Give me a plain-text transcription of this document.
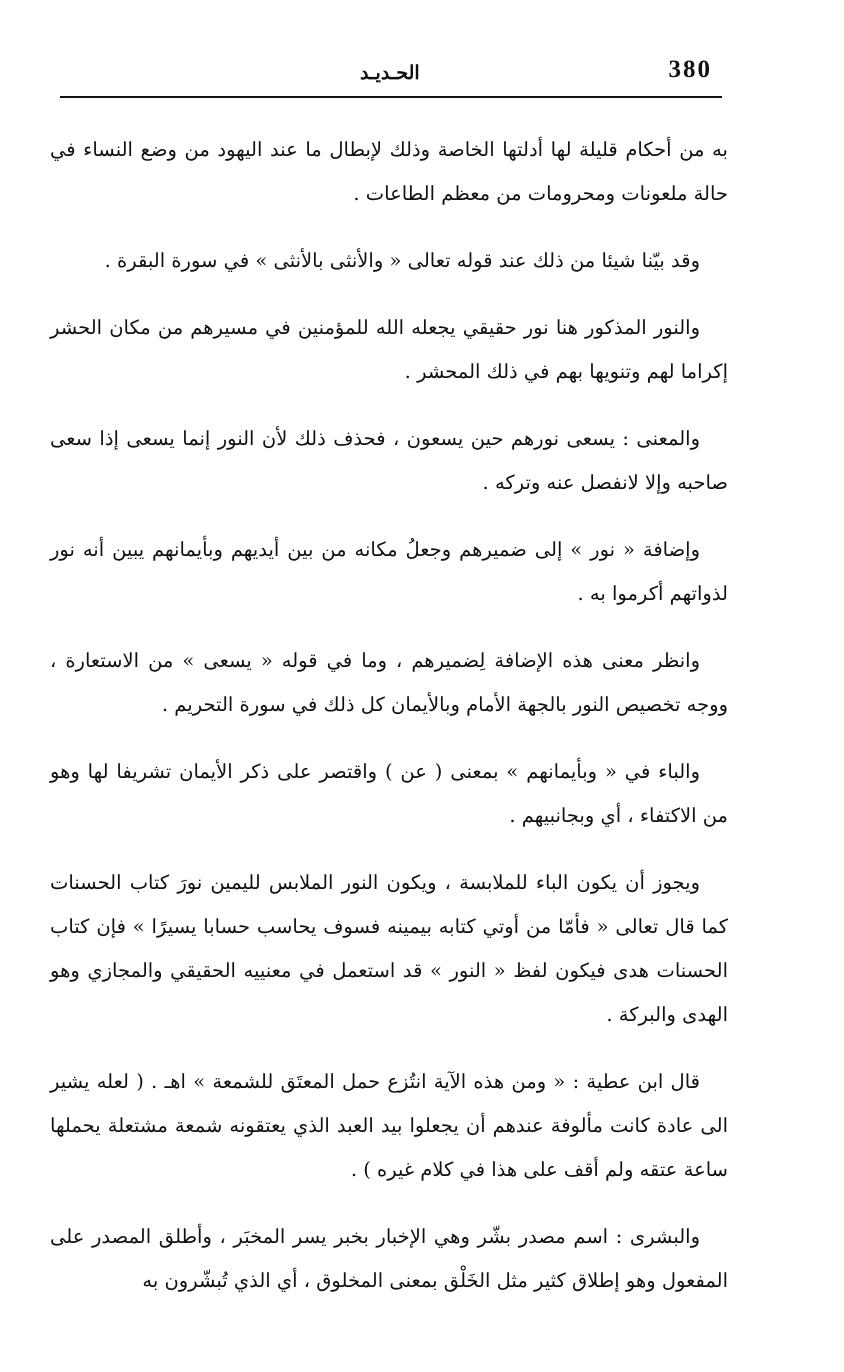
380
الحـديـد

به من أحكام قليلة لها أدلتها الخاصة وذلك لإبطال ما عند اليهود من وضع النساء في حالة ملعونات ومحرومات من معظم الطاعات .

وقد بيّنا شيئا من ذلك عند قوله تعالى « والأنثى بالأنثى » في سورة البقرة .

والنور المذكور هنا نور حقيقي يجعله الله للمؤمنين في مسيرهم من مكان الحشر إكراما لهم وتنويها بهم في ذلك المحشر .

والمعنى : يسعى نورهم حين يسعون ، فحذف ذلك لأن النور إنما يسعى إذا سعى صاحبه وإلا لانفصل عنه وتركه .

وإضافة « نور » إلى ضميرهم وجعلُ مكانه من بين أيديهم وبأيمانهم يبين أنه نور لذواتهم أكرموا به .

وانظر معنى هذه الإضافة لِضميرهم ، وما في قوله « يسعى » من الاستعارة ، ووجه تخصيص النور بالجهة الأمام وبالأيمان كل ذلك في سورة التحريم .

والباء في « وبأيمانهم » بمعنى ( عن ) واقتصر على ذكر الأيمان تشريفا لها وهو من الاكتفاء ، أي وبجانبيهم .

ويجوز أن يكون الباء للملابسة ، ويكون النور الملابس لليمين نورَ كتاب الحسنات كما قال تعالى « فأمّا من أوتي كتابه بيمينه فسوف يحاسب حسابا يسيرًا » فإن كتاب الحسنات هدى فيكون لفظ « النور » قد استعمل في معنييه الحقيقي والمجازي وهو الهدى والبركة .

قال ابن عطية : « ومن هذه الآية انتُزع حمل المعتَق للشمعة » اهـ . ( لعله يشير الى عادة كانت مألوفة عندهم أن يجعلوا بيد العبد الذي يعتقونه شمعة مشتعلة يحملها ساعة عتقه ولم أقف على هذا في كلام غيره ) .

والبشرى : اسم مصدر بشّر وهي الإخبار بخبر يسر المخبَر ، وأطلق المصدر على المفعول وهو إطلاق كثير مثل الخَلْق بمعنى المخلوق ، أي الذي تُبشّرون به
